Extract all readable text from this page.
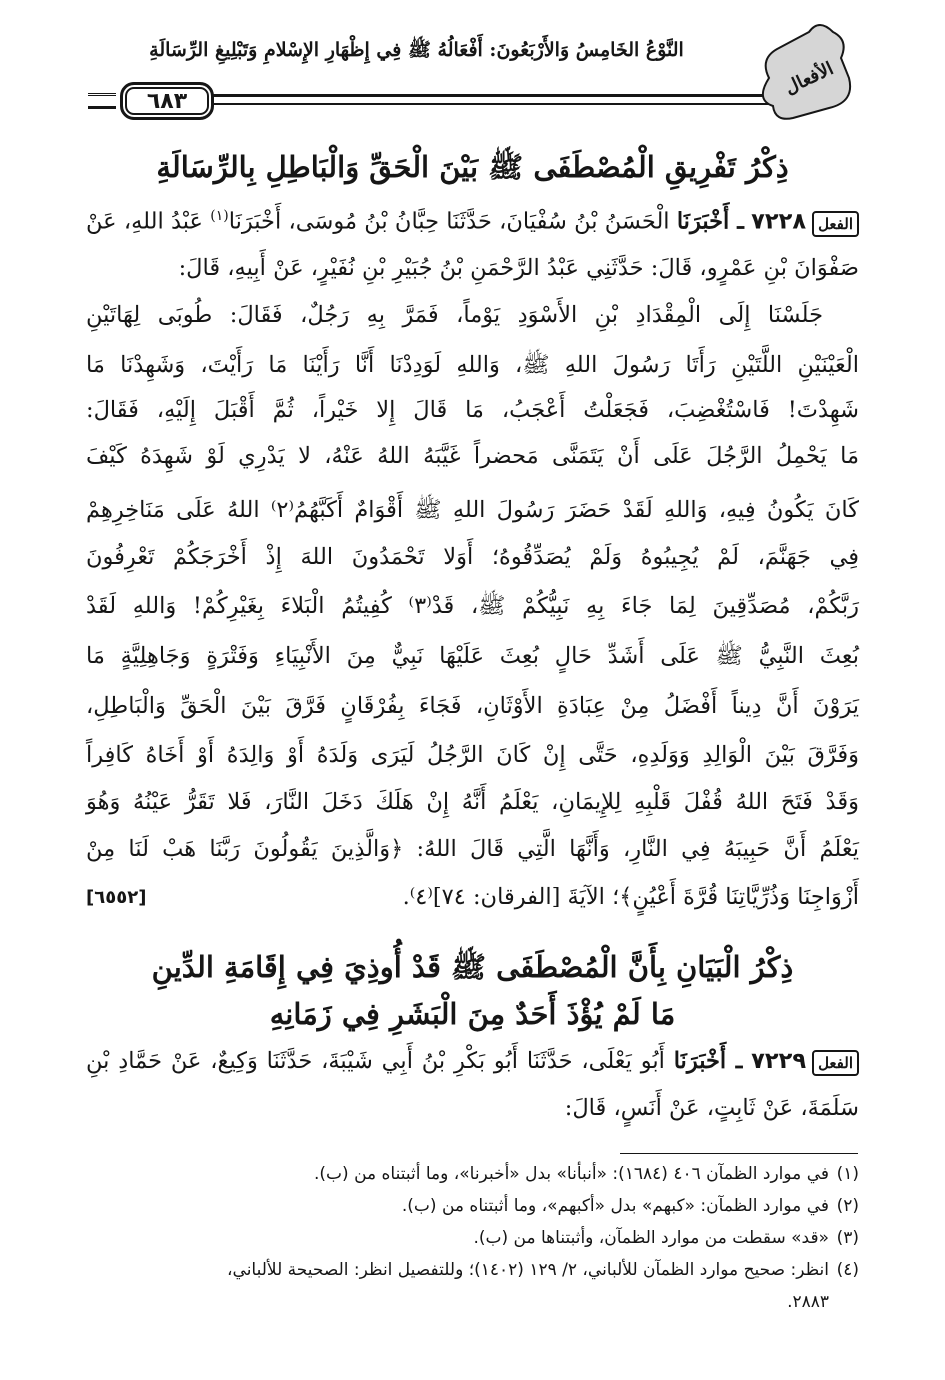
النَّوْعُ الخَامِسُ وَالأَرْبَعُونَ: أَفْعَالُهُ ﷺ فِي إِظْهَارِ الإِسْلامِ وَتَبْلِيغِ الرِّسَالَةِ
٦٨٣
الأفعال
ذِكْرُ تَفْرِيقِ الْمُصْطَفَى ﷺ بَيْنَ الْحَقِّ وَالْبَاطِلِ بِالرِّسَالَةِ
الفعل٧٢٢٨ ـ أَخْبَرَنَا الْحَسَنُ بْنُ سُفْيَانَ، حَدَّثَنَا حِبَّانُ بْنُ مُوسَى، أَخْبَرَنَا$^{(١)}$ عَبْدُ اللهِ، عَنْ
صَفْوَانَ بْنِ عَمْرٍو، قَالَ: حَدَّثَنِي عَبْدُ الرَّحْمَنِ بْنُ جُبَيْرِ بْنِ نُفَيْرٍ، عَنْ أَبِيهِ، قَالَ:
جَلَسْنَا إِلَى الْمِقْدَادِ بْنِ الأَسْوَدِ يَوْماً، فَمَرَّ بِهِ رَجُلٌ، فَقَالَ: طُوبَى لِهَاتَيْنِ
الْعَيْنَيْنِ اللَّتَيْنِ رَأَتَا رَسُولَ اللهِ ﷺ، وَاللهِ لَوَدِدْنَا أَنَّا رَأَيْنَا مَا رَأَيْتَ، وَشَهِدْنَا مَا
شَهِدْتَ! فَاسْتُغْضِبَ، فَجَعَلْتُ أَعْجَبُ، مَا قَالَ إِلا خَيْراً، ثُمَّ أَقْبَلَ إِلَيْهِ، فَقَالَ:
مَا يَحْمِلُ الرَّجُلَ عَلَى أَنْ يَتَمَنَّى مَحضراً غَيَّبَهُ اللهُ عَنْهُ، لا يَدْرِي لَوْ شَهِدَهُ كَيْفَ
كَانَ يَكُونُ فِيهِ، وَاللهِ لَقَدْ حَضَرَ رَسُولَ اللهِ ﷺ أَقْوَامٌ أَكَبَّهُمُ⁽٢⁾ اللهُ عَلَى مَنَاخِرِهِمْ
فِي جَهَنَّمَ، لَمْ يُجِيبُوهُ وَلَمْ يُصَدِّقُوهُ؛ أَوَلا تَحْمَدُونَ اللهَ إِذْ أَخْرَجَكُمْ تَعْرِفُونَ
رَبَّكُمْ، مُصَدِّقِينَ لِمَا جَاءَ بِهِ نَبِيُّكُمْ ﷺ، قَدْ⁽٣⁾ كُفِيتُمُ الْبَلاءَ بِغَيْرِكُمْ! وَاللهِ لَقَدْ
بُعِثَ النَّبِيُّ ﷺ عَلَى أَشَدِّ حَالٍ بُعِثَ عَلَيْهَا نَبِيٌّ مِنَ الأَنْبِيَاءِ وَفَتْرَةٍ وَجَاهِلِيَّةٍ مَا
يَرَوْنَ أَنَّ دِيناً أَفْضَلُ مِنْ عِبَادَةِ الأَوْثَانِ، فَجَاءَ بِفُرْقَانٍ فَرَّقَ بَيْنَ الْحَقِّ وَالْبَاطِلِ،
وَفَرَّقَ بَيْنَ الْوَالِدِ وَوَلَدِهِ، حَتَّى إِنْ كَانَ الرَّجُلُ لَيَرَى وَلَدَهُ أَوْ وَالِدَهُ أَوْ أَخَاهُ كَافِراً
وَقَدْ فَتَحَ اللهُ قُفْلَ قَلْبِهِ لِلإِيمَانِ، يَعْلَمُ أَنَّهُ إِنْ هَلَكَ دَخَلَ النَّارَ، فَلا تَقَرُّ عَيْنُهُ وَهُوَ
يَعْلَمُ أَنَّ حَبِيبَهُ فِي النَّارِ، وَأَنَّهَا الَّتِي قَالَ اللهُ: ﴿وَالَّذِينَ يَقُولُونَ رَبَّنَا هَبْ لَنَا مِنْ
أَزْوَاجِنَا وَذُرِّيَّاتِنَا قُرَّةَ أَعْيُنٍ﴾؛ الآيَةَ [الفرقان: ٧٤]⁽٤⁾.
[٦٥٥٢]
ذِكْرُ الْبَيَانِ بِأَنَّ الْمُصْطَفَى ﷺ قَدْ أُوذِيَ فِي إِقَامَةِ الدِّينِ
مَا لَمْ يُؤْذَ أَحَدٌ مِنَ الْبَشَرِ فِي زَمَانِهِ
الفعل٧٢٢٩ ـ أَخْبَرَنَا أَبُو يَعْلَى، حَدَّثَنَا أَبُو بَكْرِ بْنُ أَبِي شَيْبَةَ، حَدَّثَنَا وَكِيعٌ، عَنْ حَمَّادِ بْنِ
سَلَمَةَ، عَنْ ثَابِتٍ، عَنْ أَنَسٍ، قَالَ:
(١)في موارد الظمآن ٤٠٦ (١٦٨٤): «أنبأنا» بدل «أخبرنا»، وما أثبتناه من (ب).
(٢)في موارد الظمآن: «كبهم» بدل «أكبهم»، وما أثبتناه من (ب).
(٣)«قد» سقطت من موارد الظمآن، وأثبتناها من (ب).
(٤)انظر: صحيح موارد الظمآن للألباني، ٢/ ١٢٩ (١٤٠٢)؛ وللتفصيل انظر: الصحيحة للألباني،
٢٨٨٣.
